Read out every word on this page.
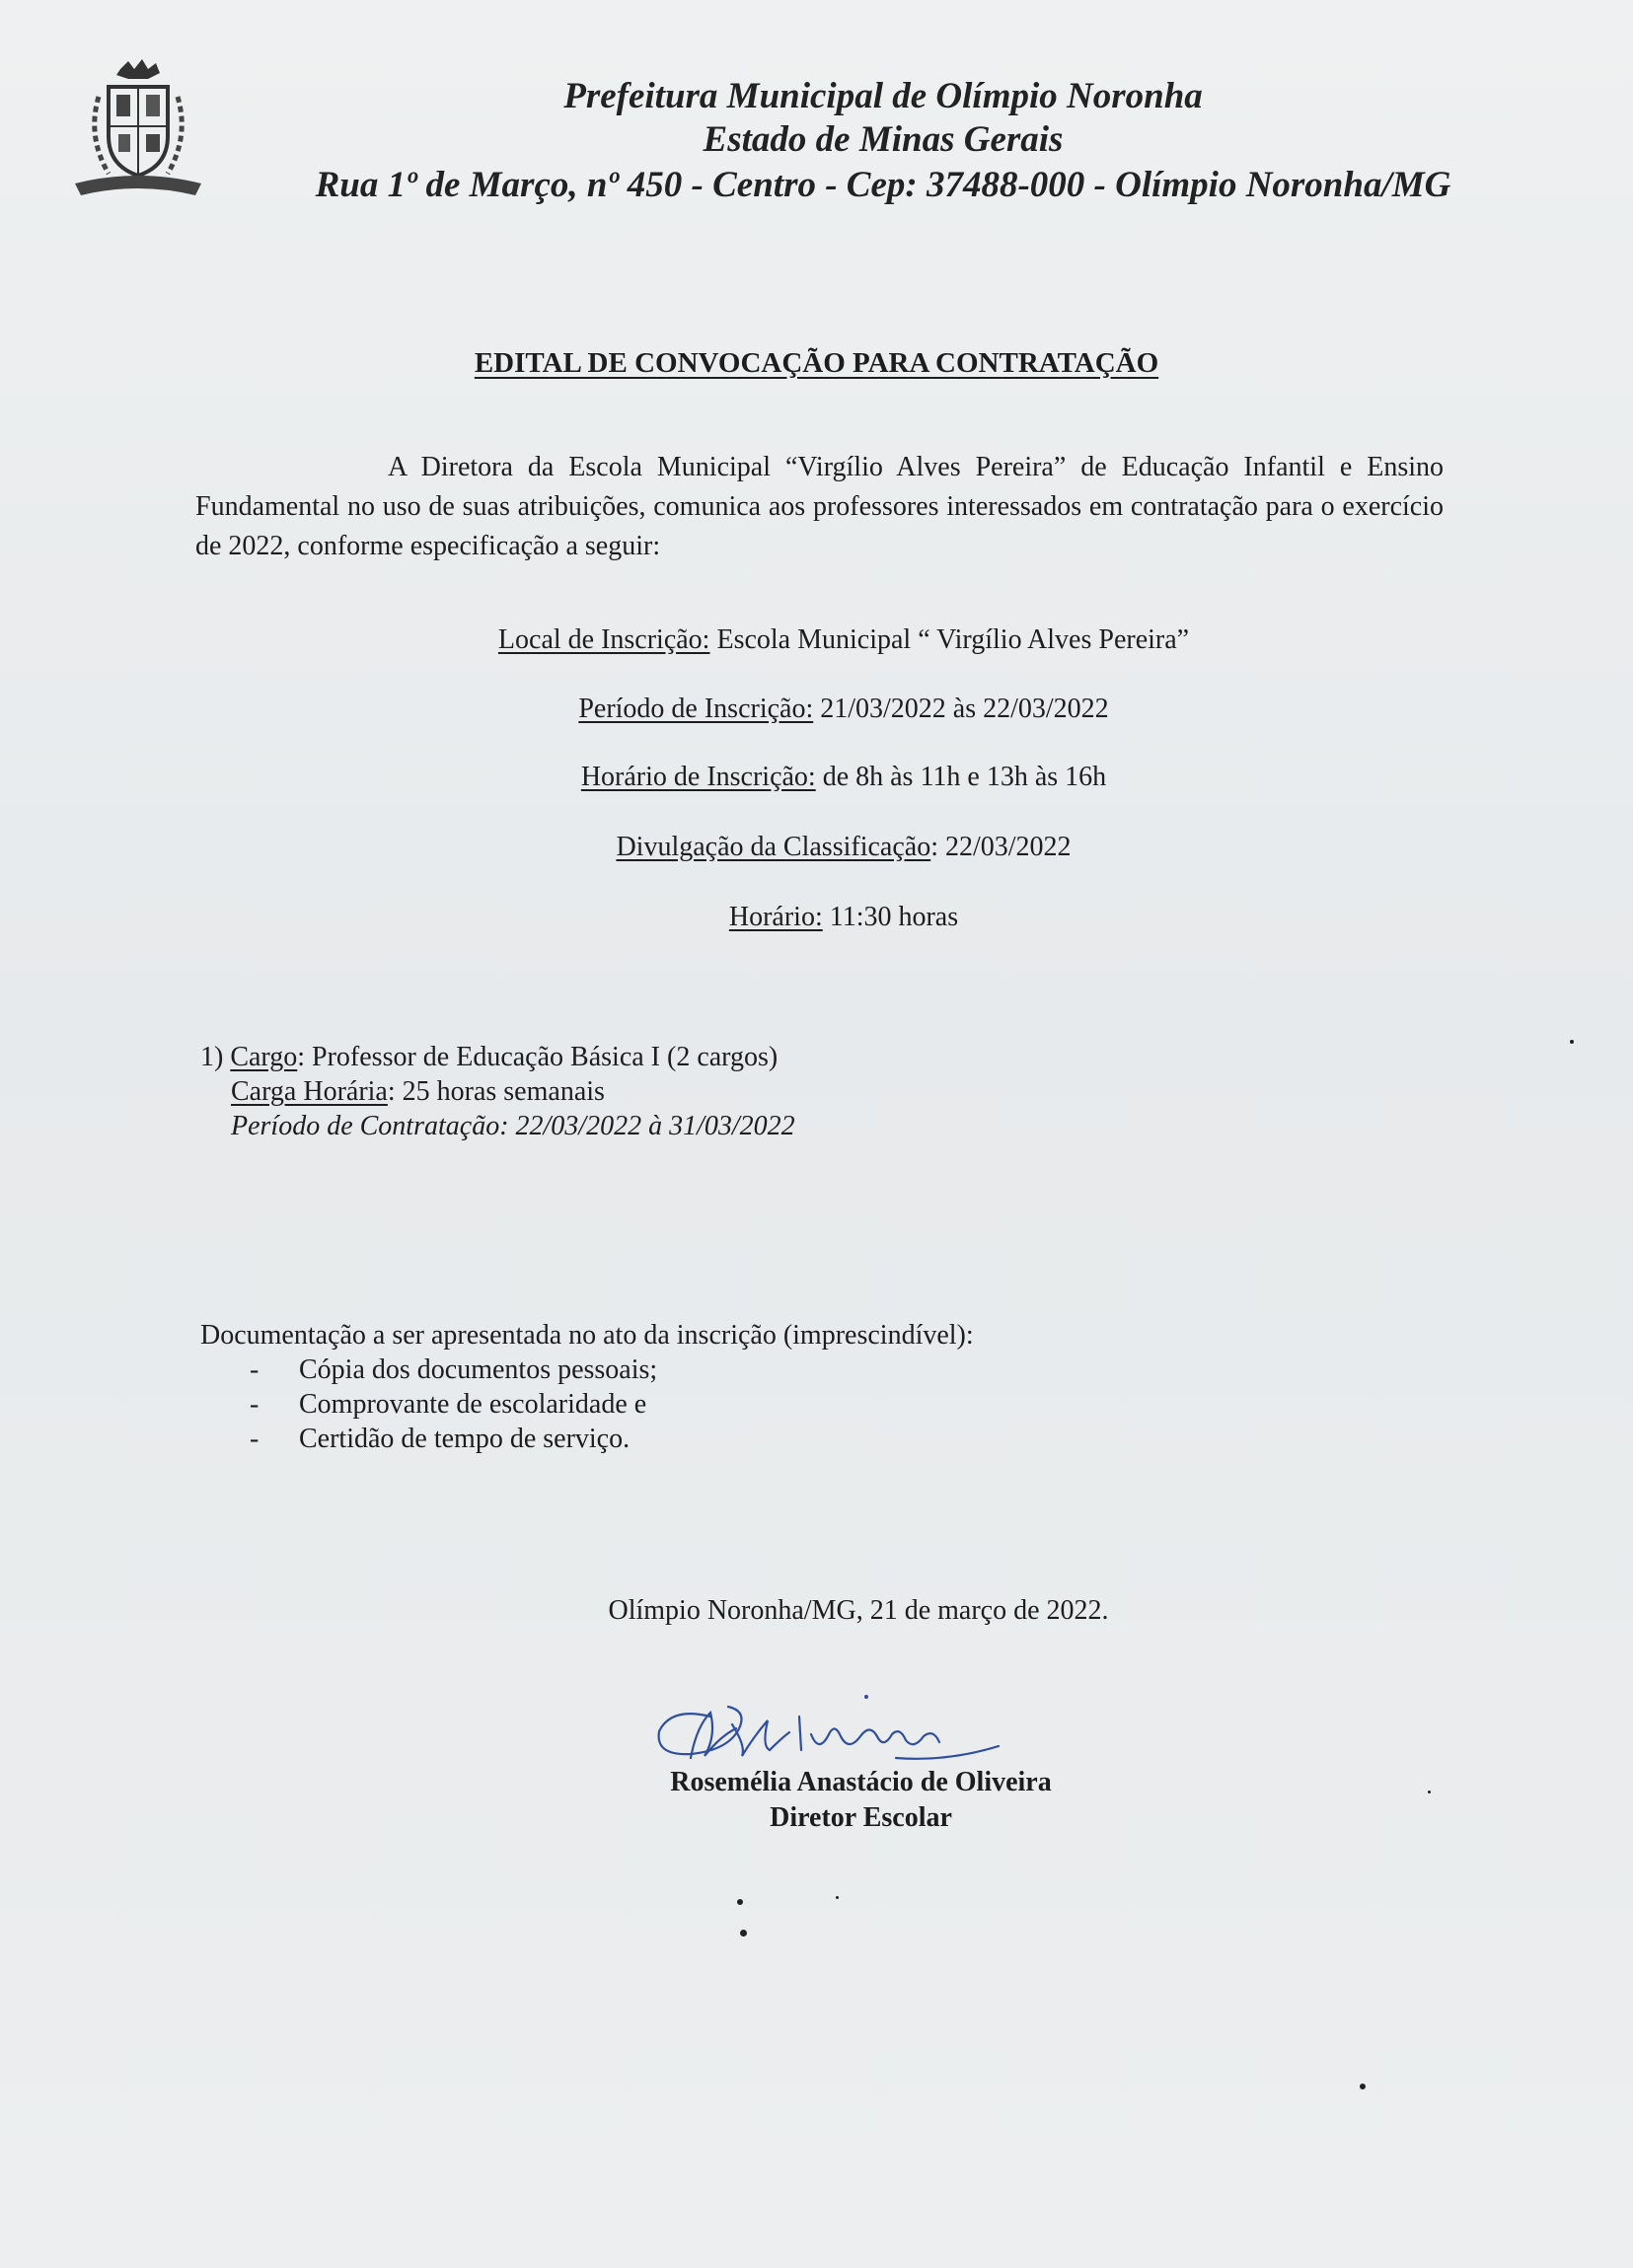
Prefeitura Municipal de Olímpio Noronha
Estado de Minas Gerais
Rua 1º de Março, nº 450 - Centro - Cep: 37488-000 - Olímpio Noronha/MG
EDITAL DE CONVOCAÇÃO PARA CONTRATAÇÃO
A Diretora da Escola Municipal “Virgílio Alves Pereira” de Educação Infantil e Ensino Fundamental no uso de suas atribuições, comunica aos professores interessados em contratação para o exercício de 2022, conforme especificação a seguir:
Local de Inscrição: Escola Municipal “ Virgílio Alves Pereira”
Período de Inscrição: 21/03/2022 às 22/03/2022
Horário de Inscrição: de 8h às 11h e 13h às 16h
Divulgação da Classificação: 22/03/2022
Horário: 11:30 horas
1) Cargo: Professor de Educação Básica I (2 cargos)
Carga Horária: 25 horas semanais
Período de Contratação: 22/03/2022 à 31/03/2022
Documentação a ser apresentada no ato da inscrição (imprescindível):
- Cópia dos documentos pessoais;
- Comprovante de escolaridade e
- Certidão de tempo de serviço.
Olímpio Noronha/MG, 21 de março de 2022.
Rosemélia Anastácio de Oliveira
Diretor Escolar
